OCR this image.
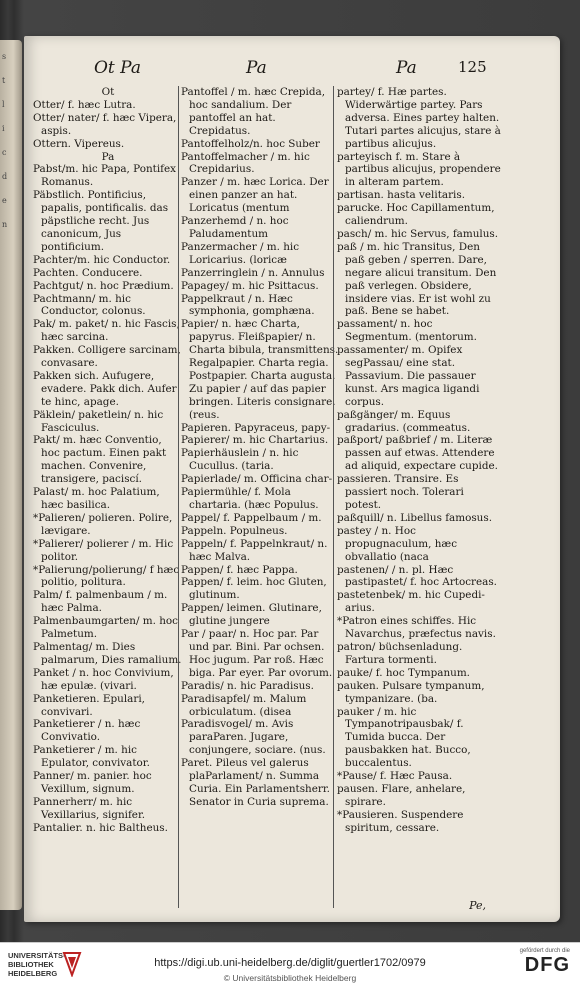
s
t
l
i
c
d
e
n
Ot Pa	Pa	Pa	125

Ot

Otter/ f. hæc Lutra.

Otter/ nater/ f. hæc Vipera, aspis.

Ottern. Vipereus.

Pa

Pabst/m. hic Papa, Pontifex Romanus.

Päbstlich. Pontificius, papalis, pontificalis. das päpstliche recht. Jus canonicum, Jus pontificium.

Pachter/m. hic Conductor.

Pachten. Conducere.

Pachtgut/ n. hoc Prædium.

Pachtmann/ m. hic Conductor, colonus.

Pak/ m. paket/ n. hic Fascis, hæc sarcina.

Pakken. Colligere sarcinam, convasare.

Pakken sich. Aufugere, evadere. Pakk dich. Aufer te hinc, apage.

Päklein/ paketlein/ n. hic Fasciculus.

Pakt/ m. hæc Conventio, hoc pactum. Einen pakt machen. Convenire, transigere, paciscí.

Palast/ m. hoc Palatium, hæc basilica.

*Palieren/ polieren. Polire, lævigare.

*Palierer/ polierer / m. Hic politor.

*Palierung/polierung/ f hæc politio, politura.

Palm/ f. palmenbaum / m. hæc Palma.

Palmenbaumgarten/ m. hoc Palmetum.

Palmentag/ m. Dies palmarum, Dies ramalium.

Panket / n. hoc Convivium, hæ epulæ. (vivari.

Panketieren. Epulari, convivari.

Panketierer / n. hæc Convivatio.

Panketierer / m. hic Epulator, convivator.

Panner/ m. panier. hoc Vexillum, signum.

Pannerherr/ m. hic Vexillarius, signifer.

Pantalier. n. hic Baltheus.

Pantoffel / m. hæc Crepida, hoc sandalium. Der pantoffel an hat. Crepidatus.

Pantoffelholz/n. hoc Suber

Pantoffelmacher / m. hic Crepidarius.

Panzer / m. hæc Lorica. Der einen panzer an hat. Loricatus (mentum

Panzerhemd / n. hoc Paludamentum

Panzermacher / m. hic Loricarius. (loricæ

Panzerringlein / n. Annulus

Papagey/ m. hic Psittacus.

Pappelkraut / n. Hæc symphonia, gomphæna.

Papier/ n. hæc Charta, papyrus. Fleißpapier/ n. Charta bibula, transmittens. Regalpapier. Charta regia. Postpapier. Charta augusta. Zu papier / auf das papier bringen. Literis consignare. (reus.

Papieren. Papyraceus, papy-

Papierer/ m. hic Chartarius.

Papierhäuslein / n. hic Cucullus. (taria.

Papierlade/ m. Officina char-

Papiermühle/ f. Mola chartaria. (hæc Populus.

Pappel/ f. Pappelbaum / m.

Pappeln. Populneus.

Pappeln/ f. Pappelnkraut/ n. hæc Malva.

Pappen/ f. hæc Pappa.

Pappen/ f. leim. hoc Gluten, glutinum.

Pappen/ leimen. Glutinare, glutine jungere

Par / paar/ n. Hoc par. Par und par. Bini. Par ochsen. Hoc jugum. Par roß. Hæc biga. Par eyer. Par ovorum.

Paradis/ n. hic Paradisus.

Paradisapfel/ m. Malum orbiculatum. (disea

Paradisvogel/ m. Avis paraParen. Jugare, conjungere, sociare. (nus.

Paret. Pileus vel galerus plaParlament/ n. Summa Curia. Ein Parlamentsherr. Senator in Curia suprema.

partey/ f. Hæ partes. Widerwärtige partey. Pars adversa. Eines partey halten. Tutari partes alicujus, stare à partibus alicujus.

parteyisch f. m. Stare à partibus alicujus, propendere in alteram partem.

partisan. hasta velitaris.

parucke. Hoc Capillamentum, caliendrum.

pasch/ m. hic Servus, famulus.

paß / m. hic Transitus, Den paß geben / sperren. Dare, negare alicui transitum. Den paß verlegen. Obsidere, insidere vias. Er ist wohl zu paß. Bene se habet.

passament/ n. hoc Segmentum. (mentorum.

passamenter/ m. Opifex segPassau/ eine stat. Passavium. Die passauer kunst. Ars magica ligandi corpus.

paßgänger/ m. Equus gradarius. (commeatus.

paßport/ paßbrief / m. Literæ passen auf etwas. Attendere ad aliquid, expectare cupide.

passieren. Transire. Es passiert noch. Tolerari potest.

paßquill/ n. Libellus famosus.

pastey / n. Hoc propugnaculum, hæc obvallatio (naca

pastenen/ / n. pl. Hæc pastipastet/ f. hoc Artocreas.

pastetenbek/ m. hic Cupedi-arius.

*Patron eines schiffes. Hic Navarchus, præfectus navis.

patron/ büchsenladung. Fartura tormenti.

pauke/ f. hoc Tympanum.

pauken. Pulsare tympanum, tympanizare. (ba.

pauker / m. hic Tympanotripausbak/ f. Tumida bucca. Der pausbakken hat. Bucco, buccalentus.

*Pause/ f. Hæc Pausa.

pausen. Flare, anhelare, spirare.

*Pausieren. Suspendere spiritum, cessare.

Pe,
UNIVERSITÄTS-
BIBLIOTHEK
HEIDELBERG
https://digi.ub.uni-heidelberg.de/diglit/guertler1702/0979
© Universitätsbibliothek Heidelberg
gefördert durch die
DFG
